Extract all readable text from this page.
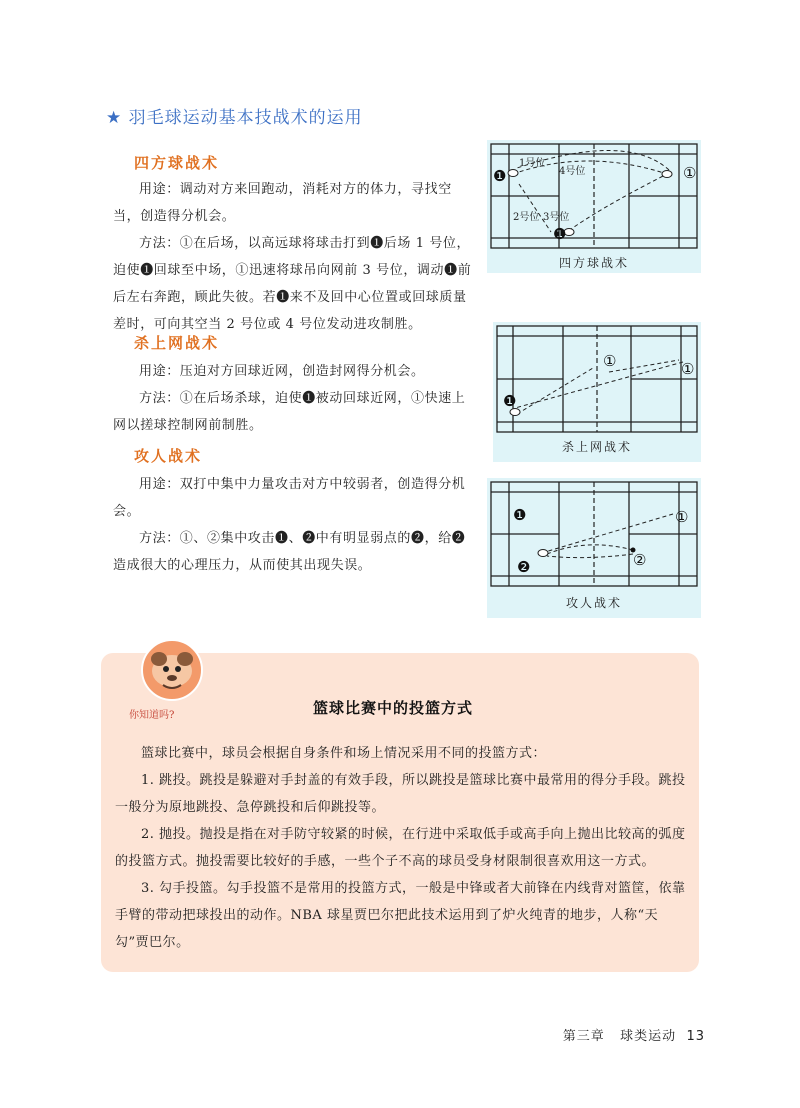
★ 羽毛球运动基本技战术的运用
四方球战术

用途：调动对方来回跑动，消耗对方的体力，寻找空当，创造得分机会。

方法：①在后场，以高远球将球击打到❶后场 1 号位，迫使❶回球至中场，①迅速将球吊向网前 3 号位，调动❶前后左右奔跑，顾此失彼。若❶来不及回中心位置或回球质量差时，可向其空当 2 号位或 4 号位发动进攻制胜。

1号位
4号位
2号位 3号位
❶
❶
①
四方球战术
杀上网战术

用途：压迫对方回球近网，创造封网得分机会。

方法：①在后场杀球，迫使❶被动回球近网，①快速上网以搓球控制网前制胜。

❶
①	①
杀上网战术
攻人战术

用途：双打中集中力量攻击对方中较弱者，创造得分机会。

方法：①、②集中攻击❶、❷中有明显弱点的❷，给❷造成很大的心理压力，从而使其出现失误。

❶
❷
①
②
攻人战术
你知道吗?	篮球比赛中的投篮方式

篮球比赛中，球员会根据自身条件和场上情况采用不同的投篮方式：

1. 跳投。跳投是躲避对手封盖的有效手段，所以跳投是篮球比赛中最常用的得分手段。跳投一般分为原地跳投、急停跳投和后仰跳投等。

2. 抛投。抛投是指在对手防守较紧的时候，在行进中采取低手或高手向上抛出比较高的弧度的投篮方式。抛投需要比较好的手感，一些个子不高的球员受身材限制很喜欢用这一方式。

3. 勾手投篮。勾手投篮不是常用的投篮方式，一般是中锋或者大前锋在内线背对篮筐，依靠手臂的带动把球投出的动作。NBA 球星贾巴尔把此技术运用到了炉火纯青的地步，人称“天勾”贾巴尔。

第三章 球类运动 13
